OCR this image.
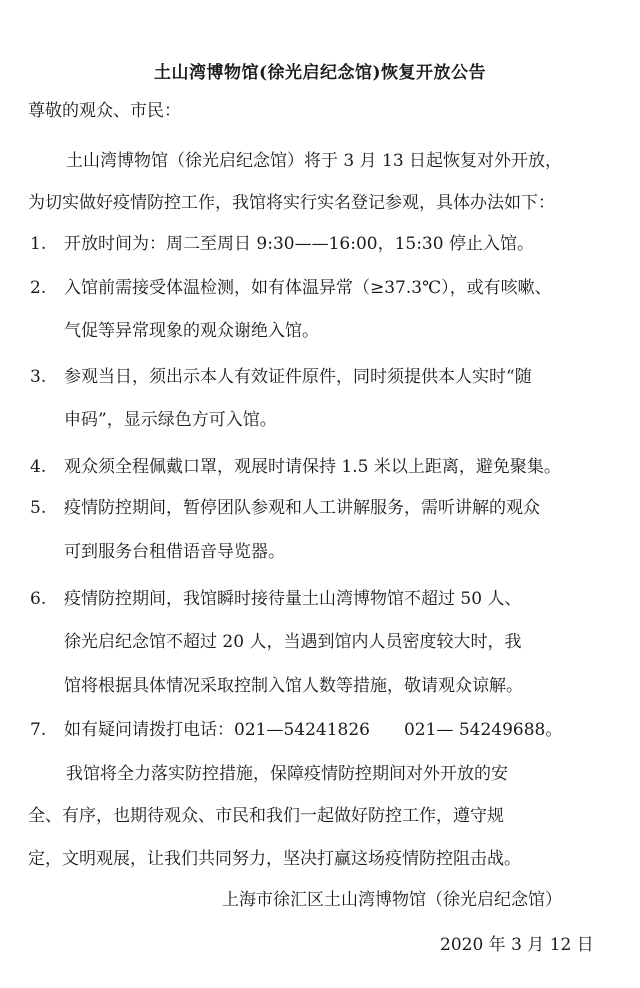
土山湾博物馆(徐光启纪念馆)恢复开放公告
尊敬的观众、市民：
土山湾博物馆（徐光启纪念馆）将于 3 月 13 日起恢复对外开放，
为切实做好疫情防控工作，我馆将实行实名登记参观，具体办法如下：
1. 开放时间为：周二至周日 9:30——16:00，15:30 停止入馆。
2. 入馆前需接受体温检测，如有体温异常（≥37.3℃），或有咳嗽、
气促等异常现象的观众谢绝入馆。
3. 参观当日，须出示本人有效证件原件，同时须提供本人实时“随
申码”，显示绿色方可入馆。
4. 观众须全程佩戴口罩，观展时请保持 1.5 米以上距离，避免聚集。
5. 疫情防控期间，暂停团队参观和人工讲解服务，需听讲解的观众
可到服务台租借语音导览器。
6. 疫情防控期间，我馆瞬时接待量土山湾博物馆不超过 50 人、
徐光启纪念馆不超过 20 人，当遇到馆内人员密度较大时，我
馆将根据具体情况采取控制入馆人数等措施，敬请观众谅解。
7. 如有疑问请拨打电话：021—54241826　　021— 54249688。
我馆将全力落实防控措施，保障疫情防控期间对外开放的安
全、有序，也期待观众、市民和我们一起做好防控工作，遵守规
定，文明观展，让我们共同努力，坚决打赢这场疫情防控阻击战。
上海市徐汇区土山湾博物馆（徐光启纪念馆）
2020 年 3 月 12 日
